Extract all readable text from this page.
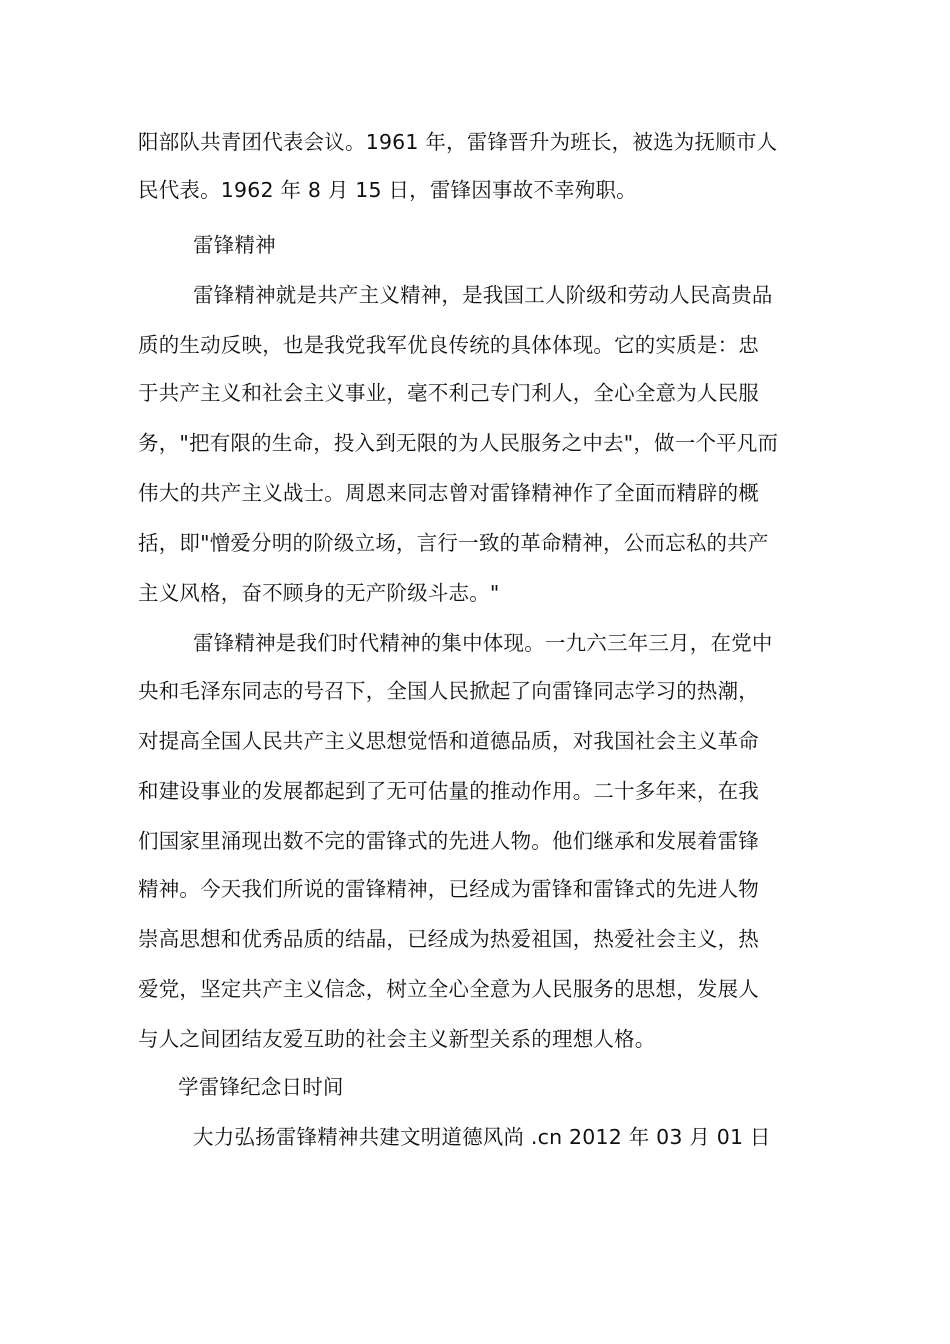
阳部队共青团代表会议。1961 年，雷锋晋升为班长，被选为抚顺市人
民代表。1962 年 8 月 15 日，雷锋因事故不幸殉职。
雷锋精神
雷锋精神就是共产主义精神，是我国工人阶级和劳动人民高贵品
质的生动反映，也是我党我军优良传统的具体体现。它的实质是：忠
于共产主义和社会主义事业，毫不利己专门利人，全心全意为人民服
务，"把有限的生命，投入到无限的为人民服务之中去"，做一个平凡而
伟大的共产主义战士。周恩来同志曾对雷锋精神作了全面而精辟的概
括，即"憎爱分明的阶级立场，言行一致的革命精神，公而忘私的共产
主义风格，奋不顾身的无产阶级斗志。"
雷锋精神是我们时代精神的集中体现。一九六三年三月，在党中
央和毛泽东同志的号召下，全国人民掀起了向雷锋同志学习的热潮，
对提高全国人民共产主义思想觉悟和道德品质，对我国社会主义革命
和建设事业的发展都起到了无可估量的推动作用。二十多年来，在我
们国家里涌现出数不完的雷锋式的先进人物。他们继承和发展着雷锋
精神。今天我们所说的雷锋精神，已经成为雷锋和雷锋式的先进人物
崇高思想和优秀品质的结晶，已经成为热爱祖国，热爱社会主义，热
爱党，坚定共产主义信念，树立全心全意为人民服务的思想，发展人
与人之间团结友爱互助的社会主义新型关系的理想人格。
学雷锋纪念日时间
大力弘扬雷锋精神共建文明道德风尚 .cn 2012 年 03 月 01 日
